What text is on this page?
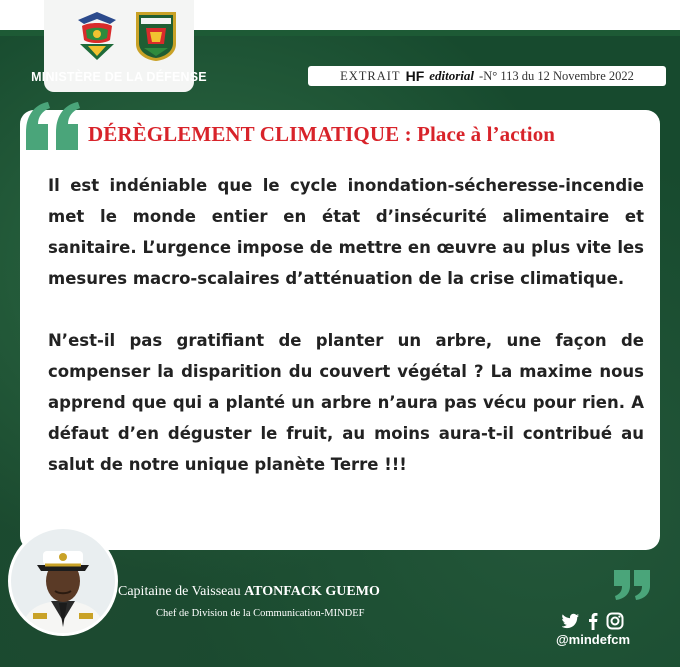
MINISTÈRE DE LA DÉFENSE	EXTRAIT HF editorial -N° 113 du 12 Novembre 2022
DÉRÈGLEMENT CLIMATIQUE : Place à l’action

Il est indéniable que le cycle inondation-sécheresse-incendie met le monde entier en état d’insécurité alimentaire et sanitaire. L’urgence impose de mettre en œuvre au plus vite les mesures macro-scalaires d’atténuation de la crise climatique.

N’est-il pas gratifiant de planter un arbre, une façon de compenser la disparition du couvert végétal ? La maxime nous apprend que qui a planté un arbre n’aura pas vécu pour rien. A défaut d’en déguster le fruit, au moins aura-t-il contribué au salut de notre unique planète Terre !!!

Capitaine de Vaisseau ATONFACK GUEMO
Chef de Division de la Communication-MINDEF
@mindefcm
